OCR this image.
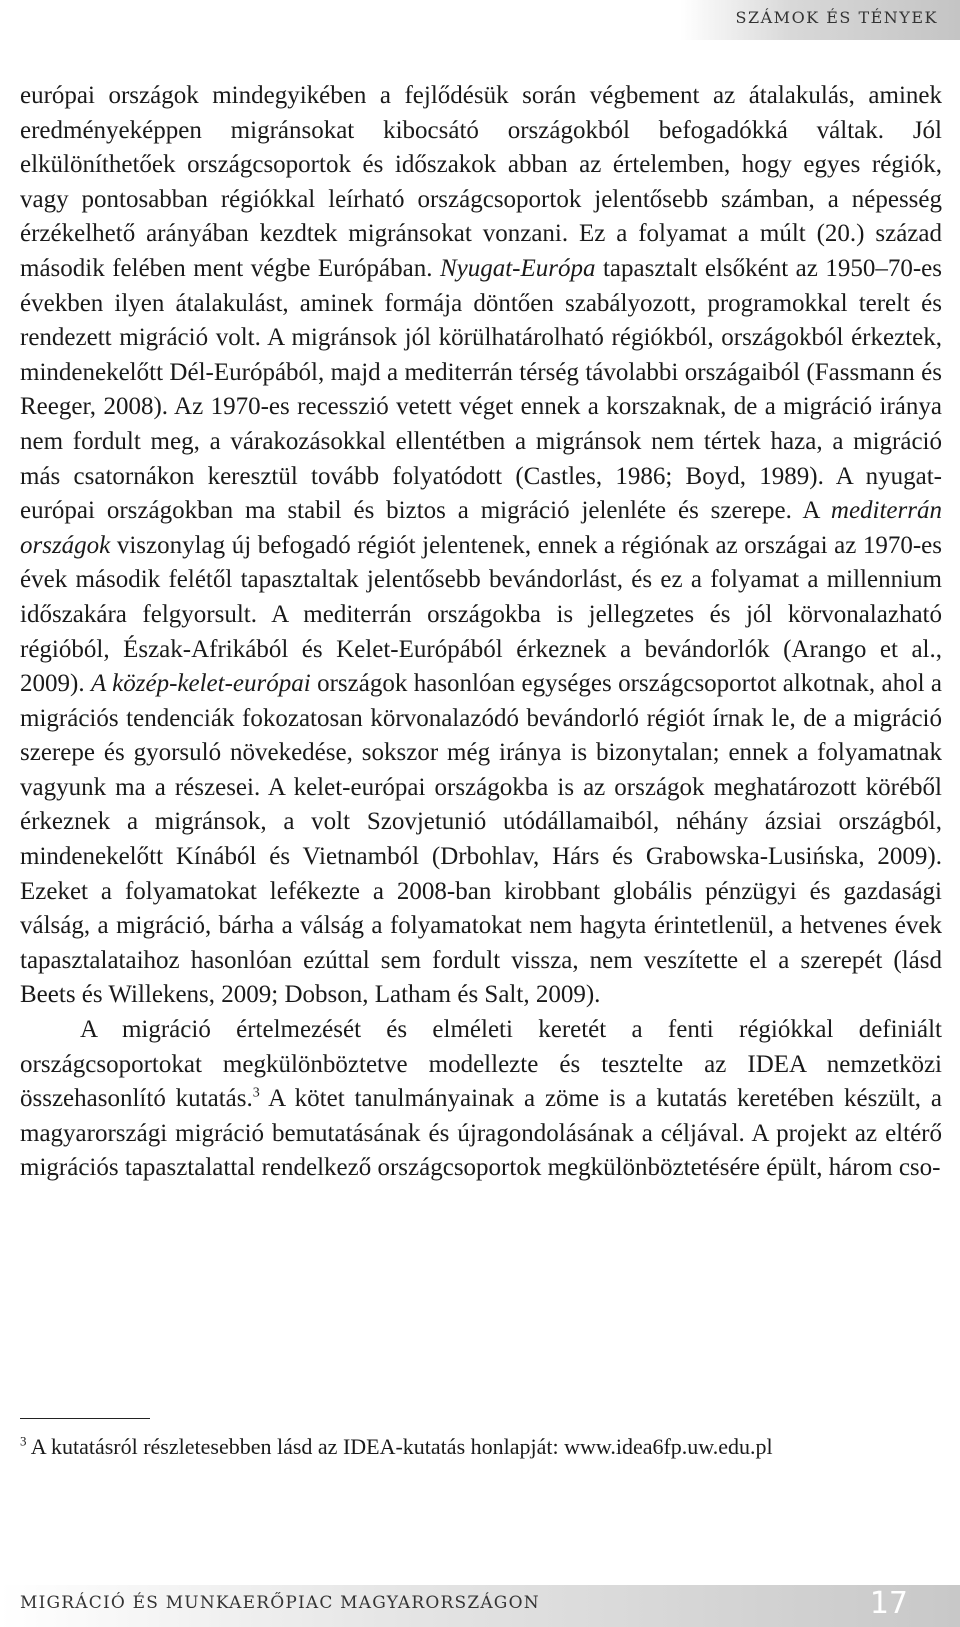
SZÁMOK ÉS TÉNYEK

európai országok mindegyikében a fejlődésük során végbement az átalakulás, aminek eredményeképpen migránsokat kibocsátó országokból befogadókká váltak. Jól elkülöníthetőek országcsoportok és időszakok abban az értelemben, hogy egyes régiók, vagy pontosabban régiókkal leírható országcsoportok jelentősebb számban, a népesség érzékelhető arányában kezdtek migránsokat vonzani. Ez a folyamat a múlt (20.) század második felében ment végbe Európában. Nyugat-Európa tapasztalt elsőként az 1950–70-es években ilyen átalakulást, aminek formája döntően szabályozott, programokkal terelt és rendezett migráció volt. A migránsok jól körülhatárolható régiókból, országokból érkeztek, mindenekelőtt Dél-Európából, majd a mediterrán térség távolabbi országaiból (Fassmann és Reeger, 2008). Az 1970-es recesszió vetett véget ennek a korszaknak, de a migráció iránya nem fordult meg, a várakozásokkal ellentétben a migránsok nem tértek haza, a migráció más csatornákon keresztül tovább folyatódott (Castles, 1986; Boyd, 1989). A nyugat-európai országokban ma stabil és biztos a migráció jelenléte és szerepe. A mediterrán országok viszonylag új befogadó régiót jelentenek, ennek a régiónak az országai az 1970-es évek második felétől tapasztaltak jelentősebb bevándorlást, és ez a folyamat a millennium időszakára felgyorsult. A mediterrán országokba is jellegzetes és jól körvonalazható régióból, Észak-Afrikából és Kelet-Európából érkeznek a bevándorlók (Arango et al., 2009). A közép-kelet-európai országok hasonlóan egységes országcsoportot alkotnak, ahol a migrációs tendenciák fokozatosan körvonalazódó bevándorló régiót írnak le, de a migráció szerepe és gyorsuló növekedése, sokszor még iránya is bizonytalan; ennek a folyamatnak vagyunk ma a részesei. A kelet-európai országokba is az országok meghatározott köréből érkeznek a migránsok, a volt Szovjetunió utódállamaiból, néhány ázsiai országból, mindenekelőtt Kínából és Vietnamból (Drbohlav, Hárs és Grabowska-Lusińska, 2009). Ezeket a folyamatokat lefékezte a 2008-ban kirobbant globális pénzügyi és gazdasági válság, a migráció, bárha a válság a folyamatokat nem hagyta érintetlenül, a hetvenes évek tapasztalataihoz hasonlóan ezúttal sem fordult vissza, nem veszítette el a szerepét (lásd Beets és Willekens, 2009; Dobson, Latham és Salt, 2009).

A migráció értelmezését és elméleti keretét a fenti régiókkal definiált országcsoportokat megkülönböztetve modellezte és tesztelte az IDEA nemzetközi összehasonlító kutatás.$^3$ A kötet tanulmányainak a zöme is a kutatás keretében készült, a magyarországi migráció bemutatásának és újragondolásának a céljával. A projekt az eltérő migrációs tapasztalattal rendelkező országcsoportok megkülönböztetésére épült, három cso-

$^3$ A kutatásról részletesebben lásd az IDEA-kutatás honlapját: www.idea6fp.uw.edu.pl
MIGRÁCIÓ ÉS MUNKAERŐPIAC MAGYARORSZÁGON	17
